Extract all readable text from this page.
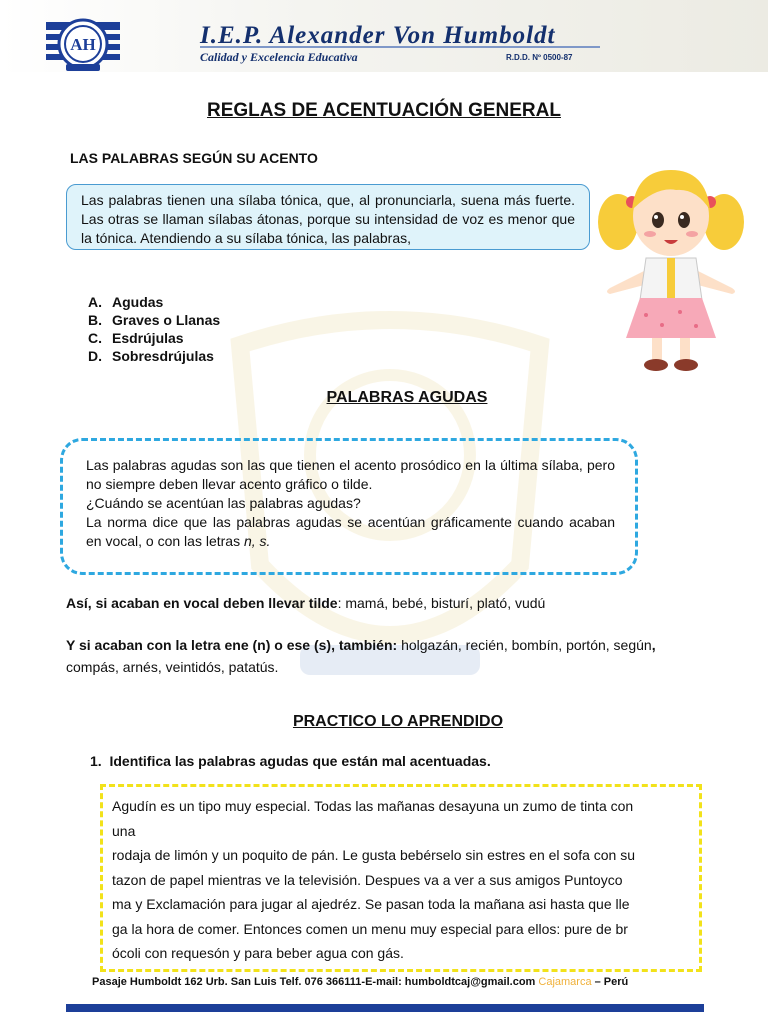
AH	I.E.P. Alexander Von Humboldt
Calidad y Excelencia Educativa	R.D.D. Nº 0500-87
REGLAS DE ACENTUACIÓN GENERAL
LAS PALABRAS SEGÚN SU ACENTO

Las palabras tienen una sílaba tónica, que, al pronunciarla, suena más fuerte. Las otras se llaman sílabas átonas, porque su intensidad de voz es menor que la tónica. Atendiendo a su sílaba tónica, las palabras,

A. Agudas
B. Graves o Llanas
C. Esdrújulas
D. Sobresdrújulas
PALABRAS AGUDAS

Las palabras agudas son las que tienen el acento prosódico en la última sílaba, pero no siempre deben llevar acento gráfico o tilde.

¿Cuándo se acentúan las palabras agudas?

La norma dice que las palabras agudas se acentúan gráficamente cuando acaban en vocal, o con las letras n, s.

Así, si acaban en vocal deben llevar tilde: mamá, bebé, bisturí, plató, vudú

Y si acaban con la letra ene (n) o ese (s), también: holgazán, recién, bombín, portón, según, compás, arnés, veintidós, patatús.

PRACTICO LO APRENDIDO
1. Identifica las palabras agudas que están mal acentuadas.
Agudín es un tipo muy especial. Todas las mañanas desayuna un zumo de tinta con
una
rodaja de limón y un poquito de pán. Le gusta bebérselo sin estres en el sofa con su
tazon de papel mientras ve la televisión. Despues va a ver a sus amigos Puntoyco
ma y Exclamación para jugar al ajedréz. Se pasan toda la mañana asi hasta que lle
ga la hora de comer. Entonces comen un menu muy especial para ellos: pure de br
ócoli con requesón y para beber agua con gás.
Pasaje Humboldt 162 Urb. San Luis Telf. 076 366111-E-mail: humboldtcaj@gmail.com Cajamarca – Perú
